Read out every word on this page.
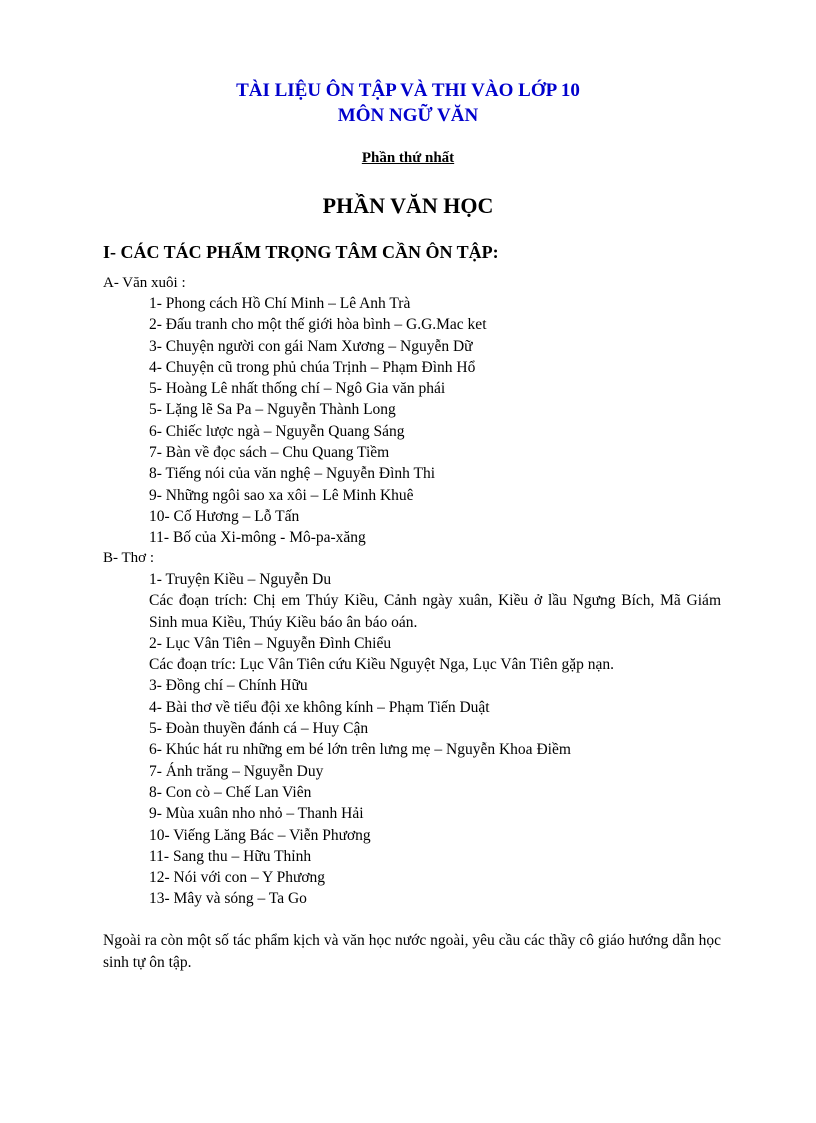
TÀI LIỆU ÔN TẬP VÀ THI VÀO LỚP 10
MÔN NGỮ VĂN
Phần thứ nhất
PHẦN VĂN HỌC
I- CÁC TÁC PHẨM TRỌNG TÂM CẦN ÔN TẬP:
A- Văn xuôi :
1- Phong cách Hồ Chí Minh – Lê Anh Trà
2- Đấu tranh cho một thế giới hòa bình – G.G.Mac ket
3- Chuyện người con gái Nam Xương – Nguyễn Dữ
4- Chuyện cũ trong phủ chúa Trịnh – Phạm Đình Hổ
5- Hoàng Lê nhất thống chí – Ngô Gia văn phái
5- Lặng lẽ Sa Pa – Nguyễn Thành Long
6- Chiếc lược ngà – Nguyễn Quang Sáng
7- Bàn về đọc sách – Chu Quang Tiềm
8- Tiếng nói của văn nghệ – Nguyễn Đình Thi
9- Những ngôi sao xa xôi – Lê Minh Khuê
10- Cố Hương – Lỗ Tấn
11- Bố của Xi-mông - Mô-pa-xăng
B- Thơ :
1- Truyện Kiều – Nguyễn Du
Các đoạn trích: Chị em Thúy Kiều, Cảnh ngày xuân, Kiều ở lầu Ngưng Bích, Mã Giám Sinh mua Kiều, Thúy Kiều báo ân báo oán.
2- Lục Vân Tiên – Nguyễn Đình Chiểu
Các đoạn tríc: Lục Vân Tiên cứu Kiều Nguyệt Nga, Lục Vân Tiên gặp nạn.
3- Đồng chí – Chính Hữu
4- Bài thơ về tiểu đội xe không kính – Phạm Tiến Duật
5- Đoàn thuyền đánh cá – Huy Cận
6- Khúc hát ru những em bé lớn trên lưng mẹ – Nguyễn Khoa Điềm
7- Ánh trăng – Nguyễn Duy
8- Con cò – Chế Lan Viên
9- Mùa xuân nho nhỏ – Thanh Hải
10- Viếng Lăng Bác – Viễn Phương
11- Sang thu – Hữu Thỉnh
12- Nói với con – Y Phương
13- Mây và sóng – Ta Go
Ngoài ra còn một số tác phẩm kịch và văn học nước ngoài, yêu cầu các thầy cô giáo hướng dẫn học sinh tự ôn tập.
